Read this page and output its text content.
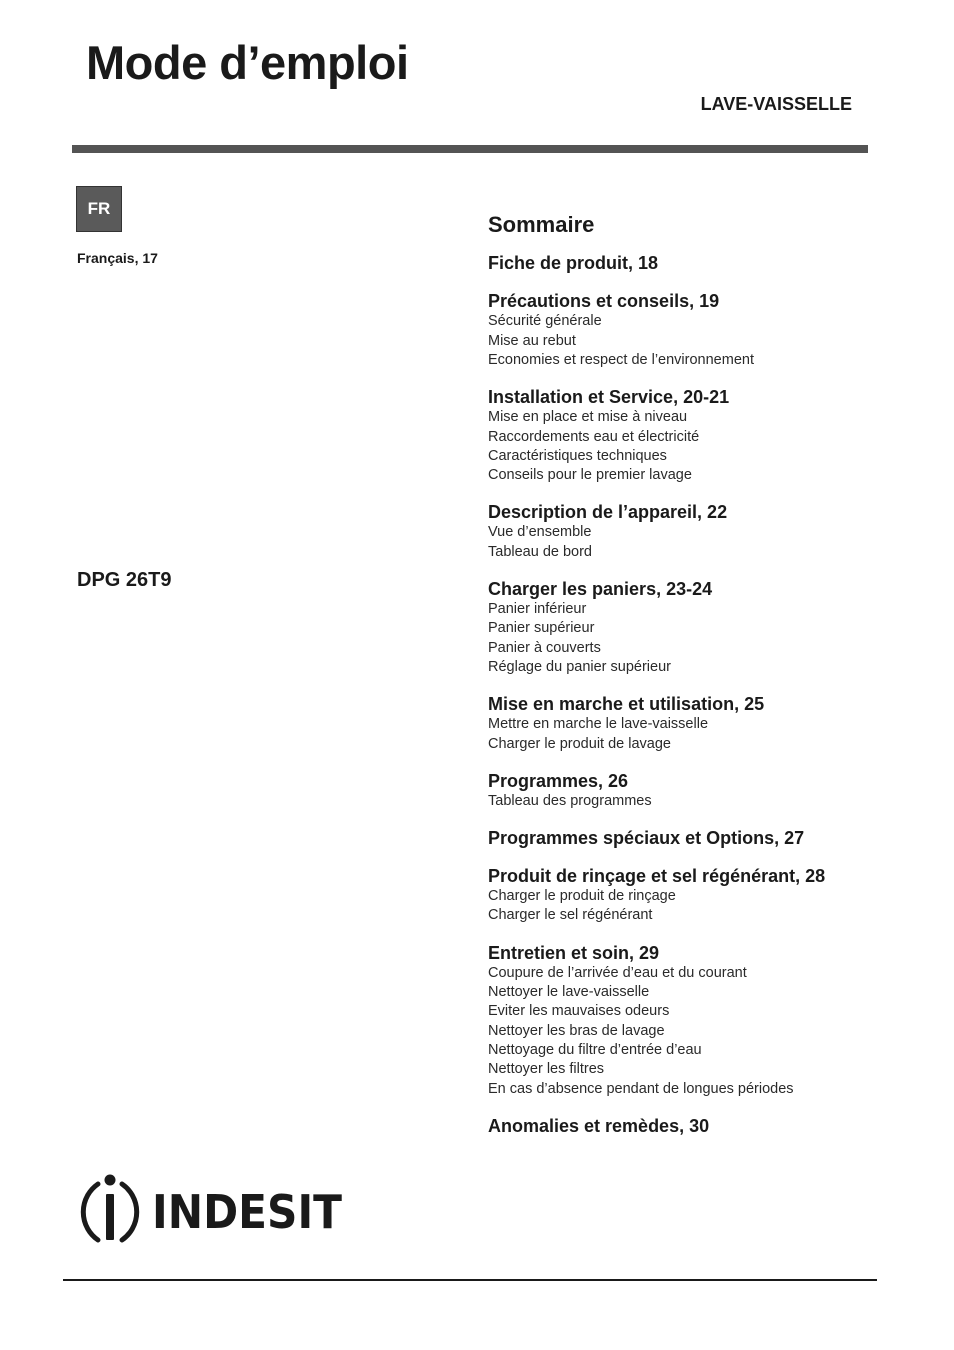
Mode d’emploi
LAVE-VAISSELLE
FR
Français, 17
DPG 26T9
Sommaire
Fiche de produit, 18
Précautions et conseils, 19
Sécurité générale
Mise au rebut
Economies et respect de l’environnement
Installation et Service, 20-21
Mise en place et mise à niveau
Raccordements eau et électricité
Caractéristiques techniques
Conseils pour le premier lavage
Description de l’appareil, 22
Vue d’ensemble
Tableau de bord
Charger les paniers, 23-24
Panier inférieur
Panier supérieur
Panier à couverts
Réglage du panier supérieur
Mise en marche et utilisation, 25
Mettre en marche le lave-vaisselle
Charger le produit de lavage
Programmes, 26
Tableau des programmes
Programmes spéciaux et Options, 27
Produit de rinçage et sel régénérant, 28
Charger le produit de rinçage
Charger le sel régénérant
Entretien et soin, 29
Coupure de l’arrivée d’eau et du courant
Nettoyer le lave-vaisselle
Eviter les mauvaises odeurs
Nettoyer les bras de lavage
Nettoyage du filtre d’entrée d’eau
Nettoyer les filtres
En cas d’absence pendant de longues périodes
Anomalies et remèdes, 30
INDESIT
